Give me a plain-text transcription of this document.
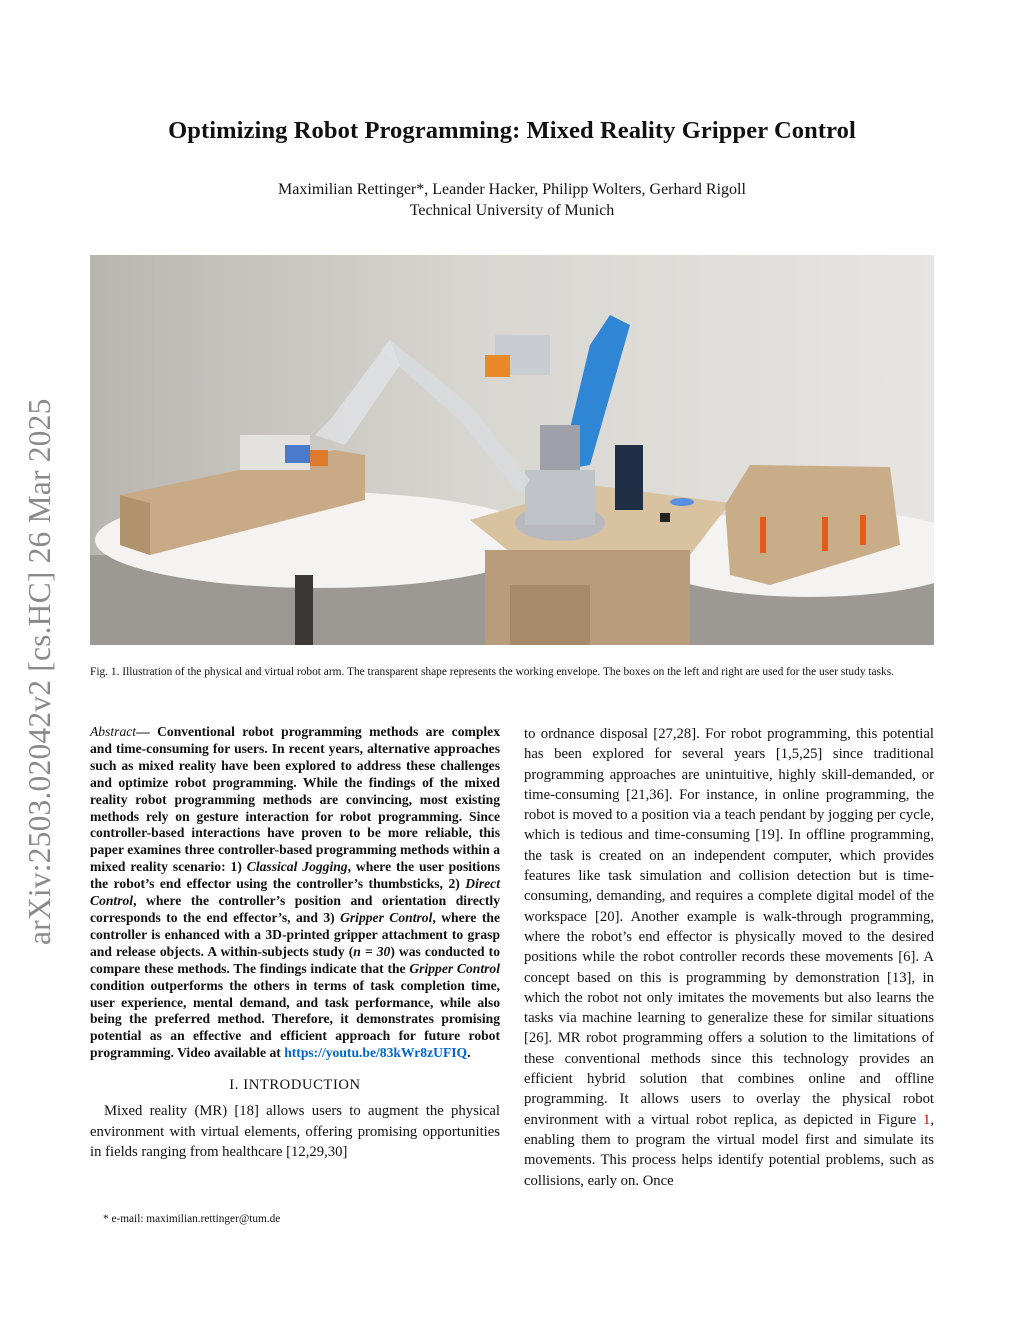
arXiv:2503.02042v2 [cs.HC] 26 Mar 2025
Optimizing Robot Programming: Mixed Reality Gripper Control
Maximilian Rettinger*, Leander Hacker, Philipp Wolters, Gerhard Rigoll
Technical University of Munich
Fig. 1. Illustration of the physical and virtual robot arm. The transparent shape represents the working envelope. The boxes on the left and right are used for the user study tasks.
Abstract— Conventional robot programming methods are complex and time-consuming for users. In recent years, alternative approaches such as mixed reality have been explored to address these challenges and optimize robot programming. While the findings of the mixed reality robot programming methods are convincing, most existing methods rely on gesture interaction for robot programming. Since controller-based interactions have proven to be more reliable, this paper examines three controller-based programming methods within a mixed reality scenario: 1) Classical Jogging, where the user positions the robot’s end effector using the controller’s thumbsticks, 2) Direct Control, where the controller’s position and orientation directly corresponds to the end effector’s, and 3) Gripper Control, where the controller is enhanced with a 3D-printed gripper attachment to grasp and release objects. A within-subjects study (n = 30) was conducted to compare these methods. The findings indicate that the Gripper Control condition outperforms the others in terms of task completion time, user experience, mental demand, and task performance, while also being the preferred method. Therefore, it demonstrates promising potential as an effective and efficient approach for future robot programming. Video available at https://youtu.be/83kWr8zUFIQ.
I. INTRODUCTION
Mixed reality (MR) [18] allows users to augment the physical environment with virtual elements, offering promising opportunities in fields ranging from healthcare [12,29,30]
* e-mail: maximilian.rettinger@tum.de
to ordnance disposal [27,28]. For robot programming, this potential has been explored for several years [1,5,25] since traditional programming approaches are unintuitive, highly skill-demanded, or time-consuming [21,36]. For instance, in online programming, the robot is moved to a position via a teach pendant by jogging per cycle, which is tedious and time-consuming [19]. In offline programming, the task is created on an independent computer, which provides features like task simulation and collision detection but is time-consuming, demanding, and requires a complete digital model of the workspace [20]. Another example is walk-through programming, where the robot’s end effector is physically moved to the desired positions while the robot controller records these movements [6]. A concept based on this is programming by demonstration [13], in which the robot not only imitates the movements but also learns the tasks via machine learning to generalize these for similar situations [26]. MR robot programming offers a solution to the limitations of these conventional methods since this technology provides an efficient hybrid solution that combines online and offline programming. It allows users to overlay the physical robot environment with a virtual robot replica, as depicted in Figure 1, enabling them to program the virtual model first and simulate its movements. This process helps identify potential problems, such as collisions, early on. Once
